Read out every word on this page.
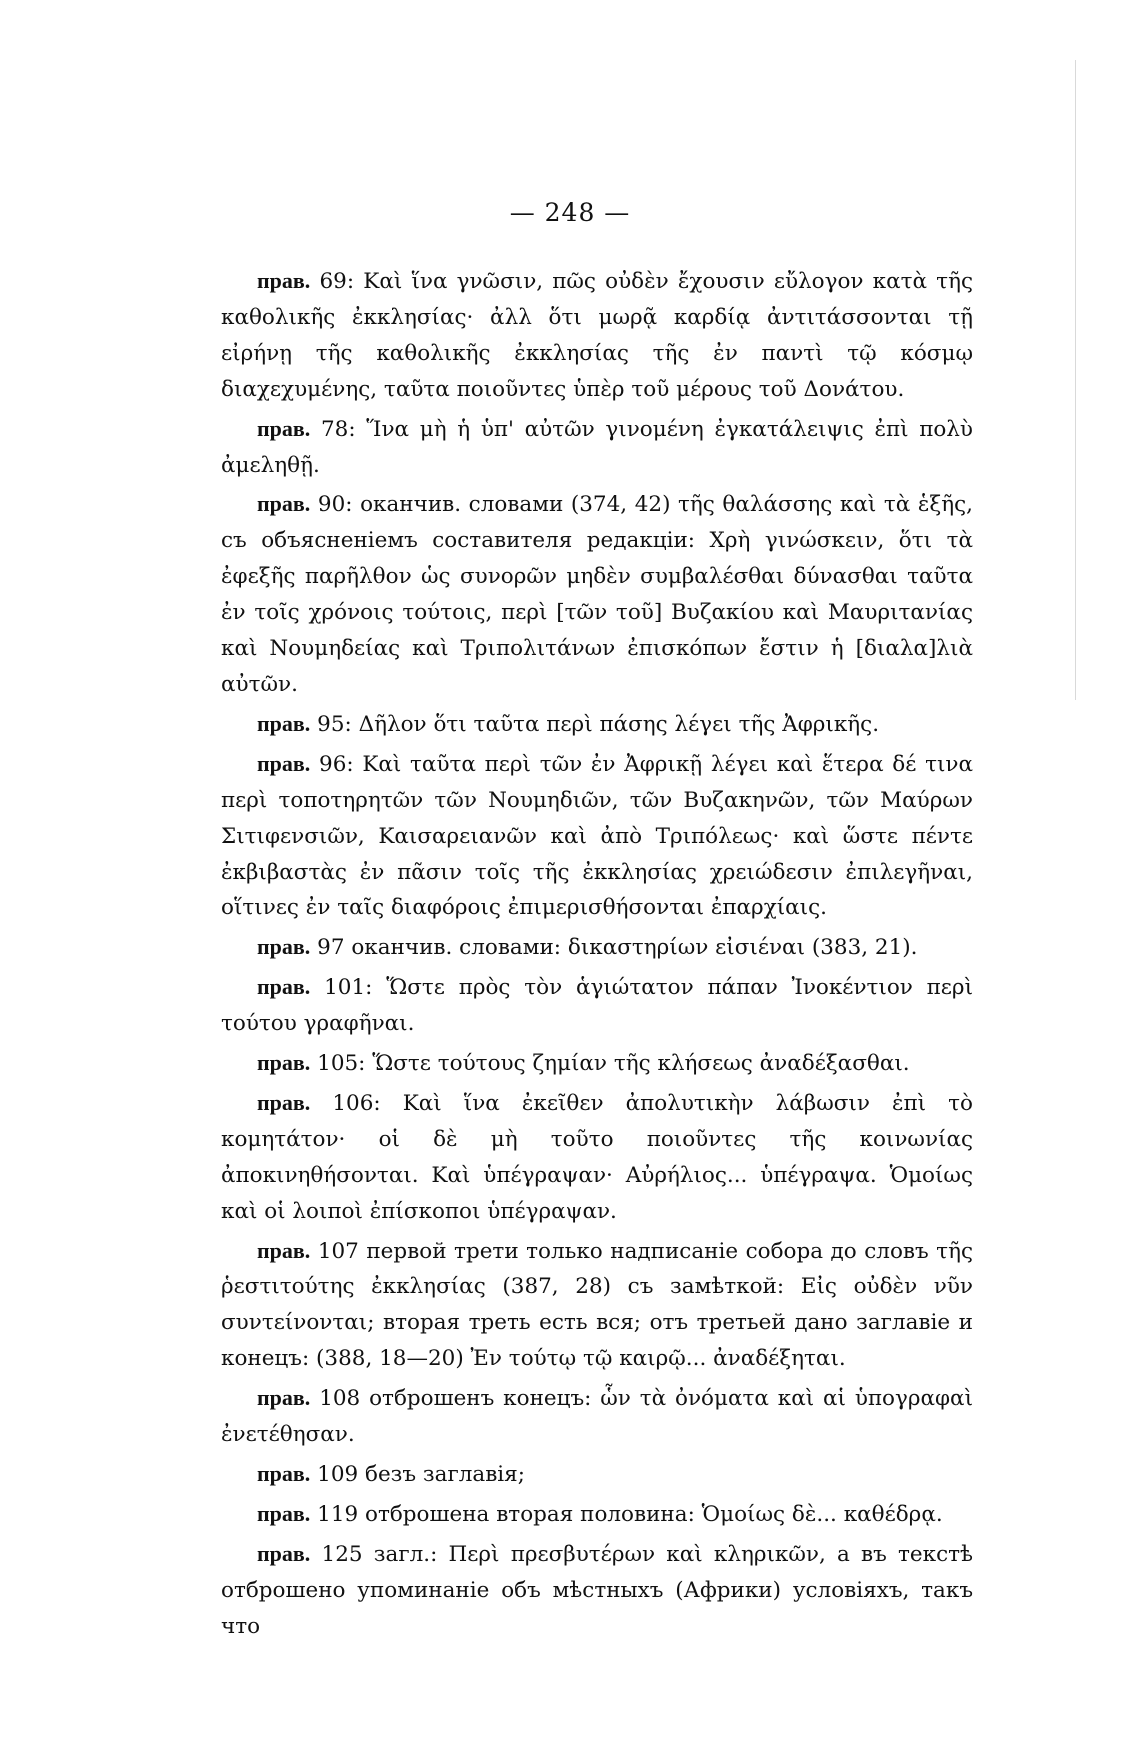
— 248 —

прав. 69: Καὶ ἵνα γνῶσιν, πῶς οὐδὲν ἔχουσιν εὔλογον κατὰ τῆς καθολικῆς ἐκκλησίας· ἀλλ ὅτι μωρᾷ καρδίᾳ ἀντιτάσσονται τῇ εἰρήνῃ τῆς καθολικῆς ἐκκλησίας τῆς ἐν παντὶ τῷ κόσμῳ διαχεχυμένης, ταῦτα ποιοῦντες ὑπὲρ τοῦ μέρους τοῦ Δονάτου.

прав. 78: Ἵνα μὴ ἡ ὑπ' αὐτῶν γινομένη ἐγκατάλειψις ἐπὶ πολὺ ἀμεληθῇ.

прав. 90: оканчив. словами (374, 42) τῆς θαλάσσης καὶ τὰ ἑξῆς, съ объясненіемъ составителя редакціи: Χρὴ γινώσκειν, ὅτι τὰ ἐφεξῆς παρῆλθον ὡς συνορῶν μηδὲν συμβαλέσθαι δύνασθαι ταῦτα ἐν τοῖς χρόνοις τούτοις, περὶ [τῶν τοῦ] Βυζακίου καὶ Μαυριτανίας καὶ Νουμηδείας καὶ Τριπολιτάνων ἐπισκόπων ἔστιν ἡ [διαλα]λιὰ αὐτῶν.

прав. 95: Δῆλον ὅτι ταῦτα περὶ πάσης λέγει τῆς Ἀφρικῆς.

прав. 96: Καὶ ταῦτα περὶ τῶν ἐν Ἀφρικῇ λέγει καὶ ἕτερα δέ τινα περὶ τοποτηρητῶν τῶν Νουμηδιῶν, τῶν Βυζακηνῶν, τῶν Μαύρων Σιτιφενσιῶν, Καισαρειανῶν καὶ ἀπὸ Τριπόλεως· καὶ ὥστε πέντε ἐκβιβαστὰς ἐν πᾶσιν τοῖς τῆς ἐκκλησίας χρειώδεσιν ἐπιλεγῆναι, οἵτινες ἐν ταῖς διαφόροις ἐπιμερισθήσονται ἐπαρχίαις.

прав. 97 оканчив. словами: δικαστηρίων εἰσιέναι (383, 21).

прав. 101: Ὥστε πρὸς τὸν ἁγιώτατον πάπαν Ἰνοκέντιον περὶ τούτου γραφῆναι.

прав. 105: Ὥστε τούτους ζημίαν τῆς κλήσεως ἀναδέξασθαι.

прав. 106: Καὶ ἵνα ἐκεῖθεν ἀπολυτικὴν λάβωσιν ἐπὶ τὸ κομητάτον· οἱ δὲ μὴ τοῦτο ποιοῦντες τῆς κοινωνίας ἀποκινηθήσονται. Καὶ ὑπέγραψαν· Αὐρήλιος... ὑπέγραψα. Ὁμοίως καὶ οἱ λοιποὶ ἐπίσκοποι ὑπέγραψαν.

прав. 107 первой трети только надписаніе собора до словъ τῆς ῥεστιτούτης ἐκκλησίας (387, 28) съ замѣткой: Εἰς οὐδὲν νῦν συντείνονται; вторая треть есть вся; отъ третьей дано заглавіе и конецъ: (388, 18—20) Ἐν τούτῳ τῷ καιρῷ... ἀναδέξηται.

прав. 108 отброшенъ конецъ: ὧν τὰ ὀνόματα καὶ αἱ ὑπογραφαὶ ἐνετέθησαν.

прав. 109 безъ заглавія;

прав. 119 отброшена вторая половина: Ὁμοίως δὲ... καθέδρᾳ.

прав. 125 загл.: Περὶ πρεσβυτέρων καὶ κληρικῶν, а въ текстѣ отброшено упоминаніе объ мѣстныхъ (Африки) условіяхъ, такъ что
